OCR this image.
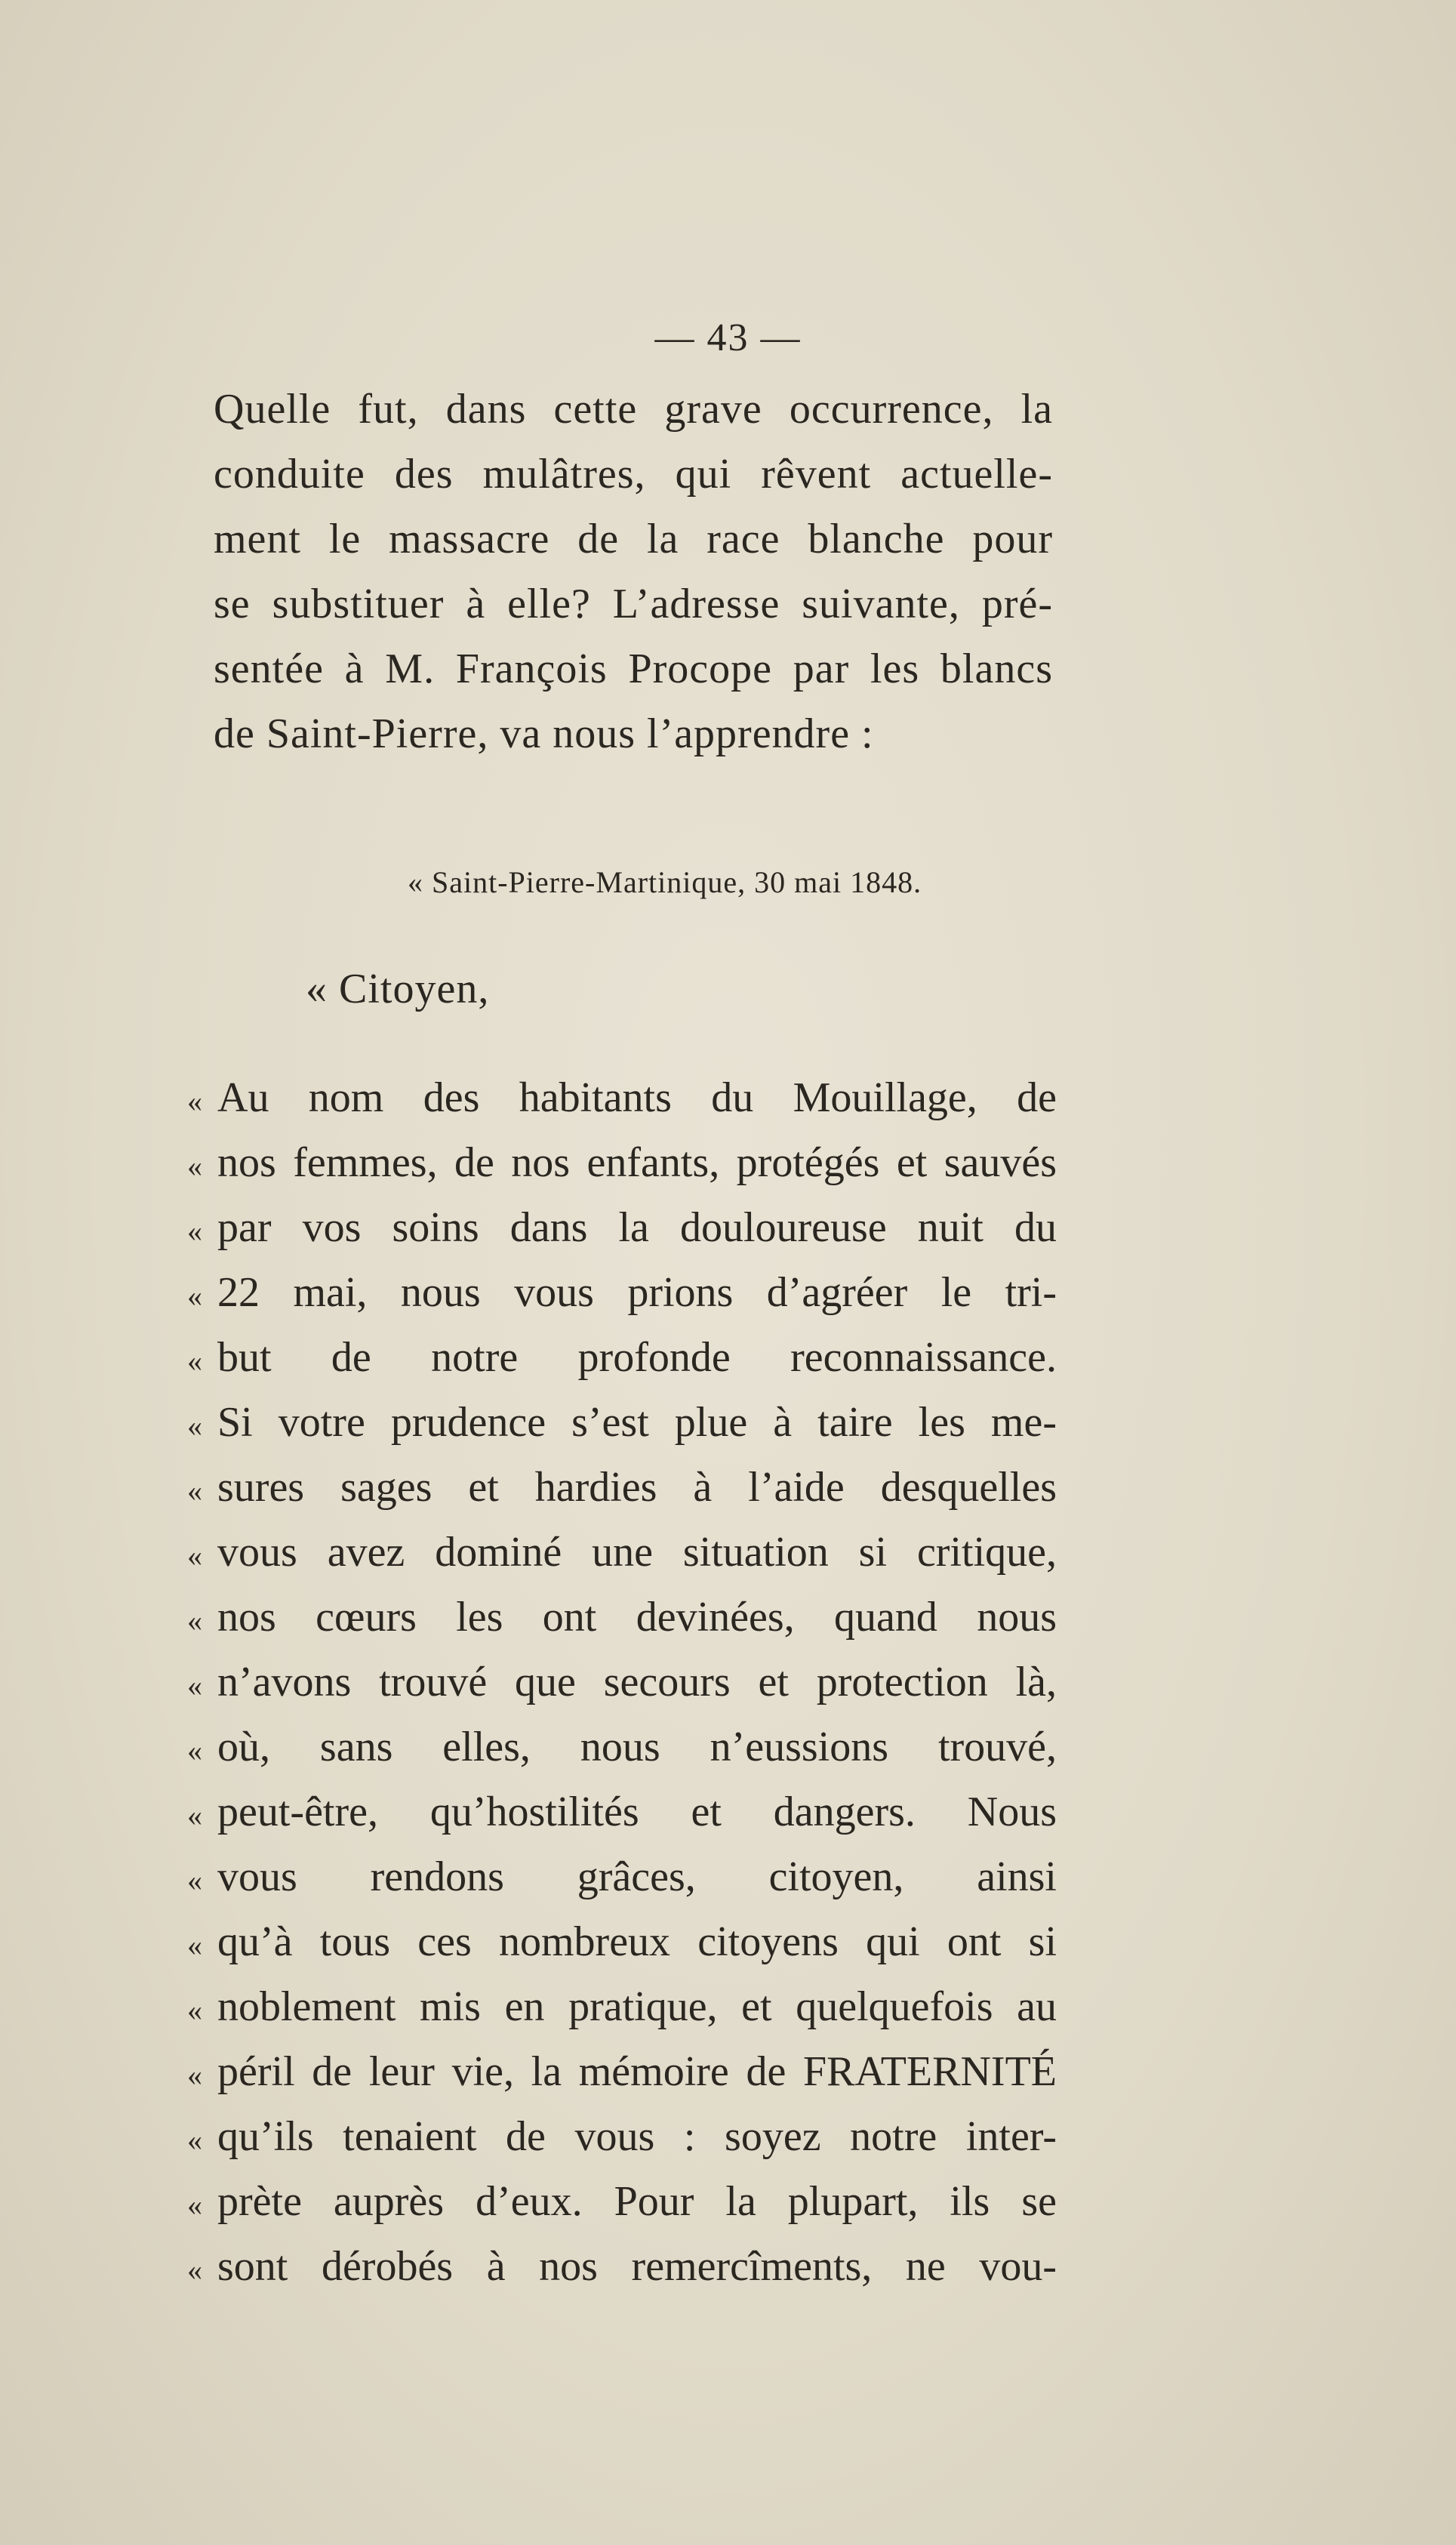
— 43 —
Quelle fut, dans cette grave occurrence, la
conduite des mulâtres, qui rêvent actuelle-
ment le massacre de la race blanche pour
se substituer à elle? L’adresse suivante, pré-
sentée à M. François Procope par les blancs
de Saint-Pierre, va nous l’apprendre :
« Saint-Pierre-Martinique, 30 mai 1848.
« Citoyen,
« Au nom des habitants du Mouillage, de
« nos femmes, de nos enfants, protégés et sauvés
« par vos soins dans la douloureuse nuit du
« 22 mai, nous vous prions d’agréer le tri-
« but de notre profonde reconnaissance.
« Si votre prudence s’est plue à taire les me-
« sures sages et hardies à l’aide desquelles
« vous avez dominé une situation si critique,
« nos cœurs les ont devinées, quand nous
« n’avons trouvé que secours et protection là,
« où, sans elles, nous n’eussions trouvé,
« peut-être, qu’hostilités et dangers. Nous
« vous rendons grâces, citoyen, ainsi
« qu’à tous ces nombreux citoyens qui ont si
« noblement mis en pratique, et quelquefois au
« péril de leur vie, la mémoire de FRATERNITÉ
« qu’ils tenaient de vous : soyez notre inter-
« prète auprès d’eux. Pour la plupart, ils se
« sont dérobés à nos remercîments, ne vou-
